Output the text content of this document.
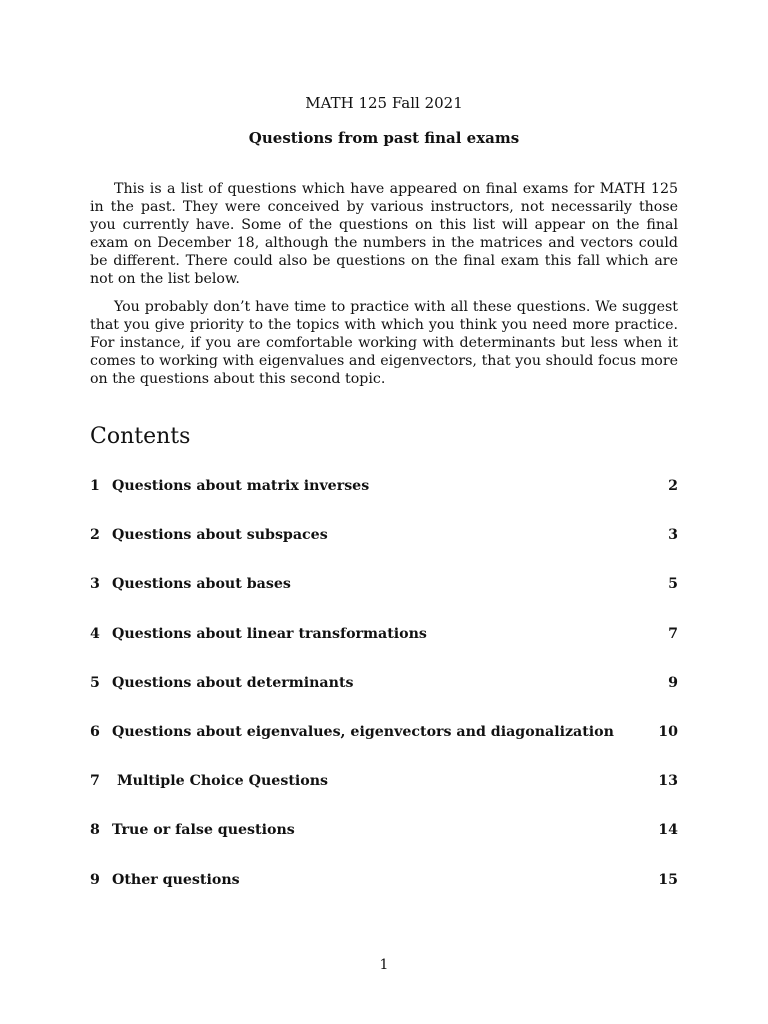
MATH 125 Fall 2021
Questions from past final exams

This is a list of questions which have appeared on final exams for MATH 125 in the past. They were conceived by various instructors, not necessarily those you currently have. Some of the questions on this list will appear on the final exam on December 18, although the numbers in the matrices and vectors could be different. There could also be questions on the final exam this fall which are not on the list below.

You probably don’t have time to practice with all these questions. We suggest that you give priority to the topics with which you think you need more practice. For instance, if you are comfortable working with determinants but less when it comes to working with eigenvalues and eigenvectors, that you should focus more on the questions about this second topic.

Contents
1 Questions about matrix inverses	2
2 Questions about subspaces	3
3 Questions about bases	5
4 Questions about linear transformations	7
5 Questions about determinants	9
6 Questions about eigenvalues, eigenvectors and diagonalization	10
7 Multiple Choice Questions	13
8 True or false questions	14
9 Other questions	15
1
